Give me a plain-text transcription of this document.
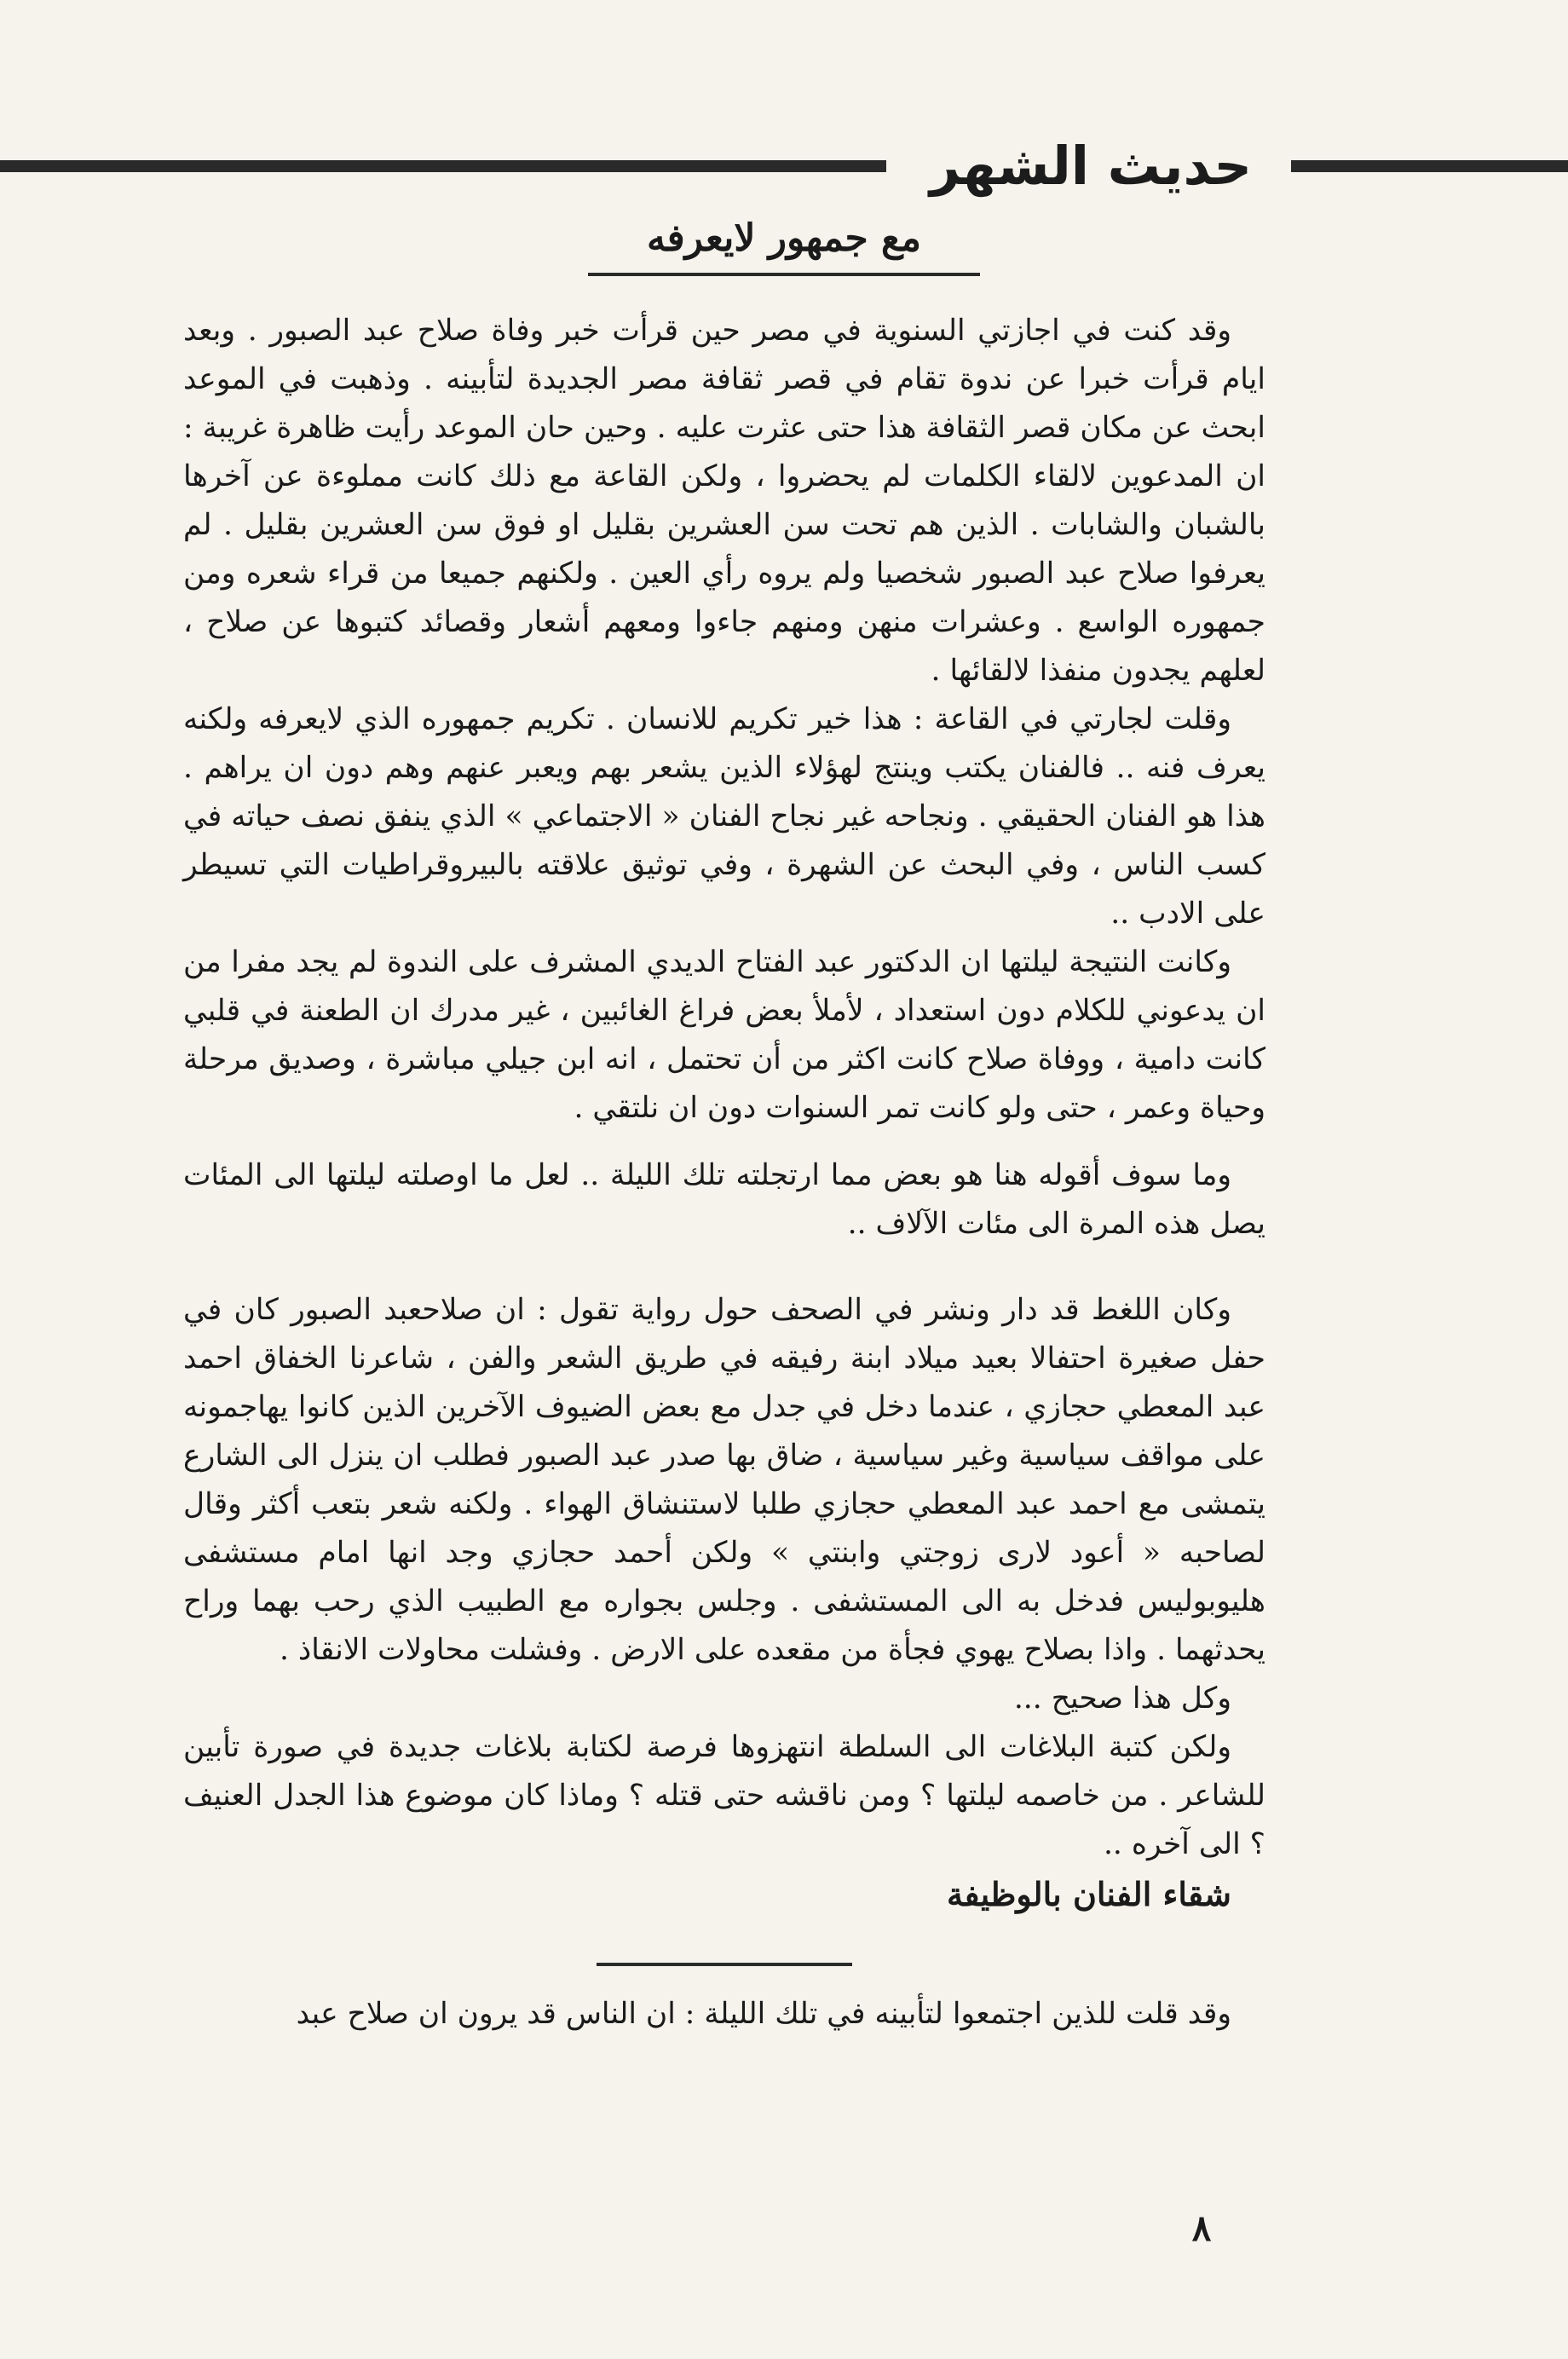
حديث الشهر
مع جمهور لايعرفه

وقد كنت في اجازتي السنوية في مصر حين قرأت خبر وفاة صلاح عبد الصبور . وبعد ايام قرأت خبرا عن ندوة تقام في قصر ثقافة مصر الجديدة لتأبينه . وذهبت في الموعد ابحث عن مكان قصر الثقافة هذا حتى عثرت عليه . وحين حان الموعد رأيت ظاهرة غريبة : ان المدعوين لالقاء الكلمات لم يحضروا ، ولكن القاعة مع ذلك كانت مملوءة عن آخرها بالشبان والشابات . الذين هم تحت سن العشرين بقليل او فوق سن العشرين بقليل . لم يعرفوا صلاح عبد الصبور شخصيا ولم يروه رأي العين . ولكنهم جميعا من قراء شعره ومن جمهوره الواسع . وعشرات منهن ومنهم جاءوا ومعهم أشعار وقصائد كتبوها عن صلاح ، لعلهم يجدون منفذا لالقائها .

وقلت لجارتي في القاعة : هذا خير تكريم للانسان . تكريم جمهوره الذي لايعرفه ولكنه يعرف فنه .. فالفنان يكتب وينتج لهؤلاء الذين يشعر بهم ويعبر عنهم وهم دون ان يراهم . هذا هو الفنان الحقيقي . ونجاحه غير نجاح الفنان « الاجتماعي » الذي ينفق نصف حياته في كسب الناس ، وفي البحث عن الشهرة ، وفي توثيق علاقته بالبيروقراطيات التي تسيطر على الادب ..

وكانت النتيجة ليلتها ان الدكتور عبد الفتاح الديدي المشرف على الندوة لم يجد مفرا من ان يدعوني للكلام دون استعداد ، لأملأ بعض فراغ الغائبين ، غير مدرك ان الطعنة في قلبي كانت دامية ، ووفاة صلاح كانت اكثر من أن تحتمل ، انه ابن جيلي مباشرة ، وصديق مرحلة وحياة وعمر ، حتى ولو كانت تمر السنوات دون ان نلتقي .

وما سوف أقوله هنا هو بعض مما ارتجلته تلك الليلة .. لعل ما اوصلته ليلتها الى المئات يصل هذه المرة الى مئات الآلاف ..

وكان اللغط قد دار ونشر في الصحف حول رواية تقول : ان صلاحعبد الصبور كان في حفل صغيرة احتفالا بعيد ميلاد ابنة رفيقه في طريق الشعر والفن ، شاعرنا الخفاق احمد عبد المعطي حجازي ، عندما دخل في جدل مع بعض الضيوف الآخرين الذين كانوا يهاجمونه على مواقف سياسية وغير سياسية ، ضاق بها صدر عبد الصبور فطلب ان ينزل الى الشارع يتمشى مع احمد عبد المعطي حجازي طلبا لاستنشاق الهواء . ولكنه شعر بتعب أكثر وقال لصاحبه « أعود لارى زوجتي وابنتي » ولكن أحمد حجازي وجد انها امام مستشفى هليوبوليس فدخل به الى المستشفى . وجلس بجواره مع الطبيب الذي رحب بهما وراح يحدثهما . واذا بصلاح يهوي فجأة من مقعده على الارض . وفشلت محاولات الانقاذ .

وكل هذا صحيح ...

ولكن كتبة البلاغات الى السلطة انتهزوها فرصة لكتابة بلاغات جديدة في صورة تأبين للشاعر . من خاصمه ليلتها ؟ ومن ناقشه حتى قتله ؟ وماذا كان موضوع هذا الجدل العنيف ؟ الى آخره ..

شقاء الفنان بالوظيفة

وقد قلت للذين اجتمعوا لتأبينه في تلك الليلة : ان الناس قد يرون ان صلاح عبد

٨
